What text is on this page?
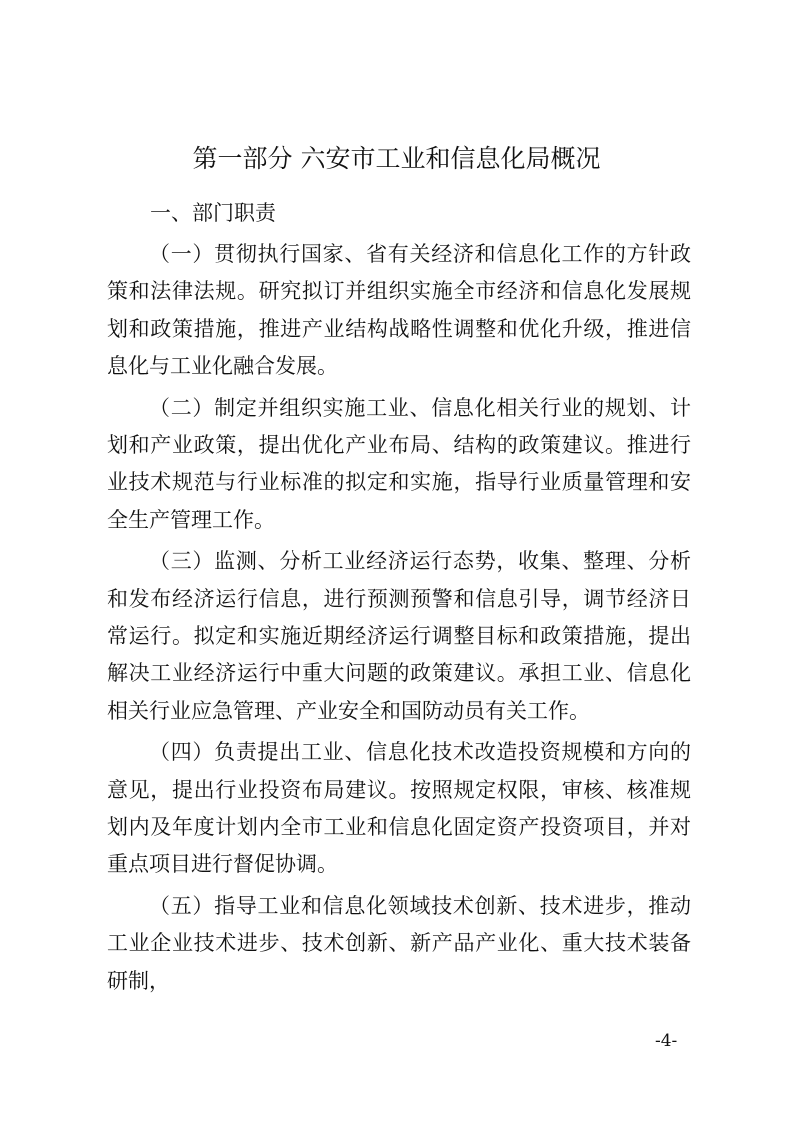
第一部分 六安市工业和信息化局概况
一、部门职责

（一）贯彻执行国家、省有关经济和信息化工作的方针政策和法律法规。研究拟订并组织实施全市经济和信息化发展规划和政策措施，推进产业结构战略性调整和优化升级，推进信息化与工业化融合发展。

（二）制定并组织实施工业、信息化相关行业的规划、计划和产业政策，提出优化产业布局、结构的政策建议。推进行业技术规范与行业标准的拟定和实施，指导行业质量管理和安全生产管理工作。

（三）监测、分析工业经济运行态势，收集、整理、分析和发布经济运行信息，进行预测预警和信息引导，调节经济日常运行。拟定和实施近期经济运行调整目标和政策措施，提出解决工业经济运行中重大问题的政策建议。承担工业、信息化相关行业应急管理、产业安全和国防动员有关工作。

（四）负责提出工业、信息化技术改造投资规模和方向的意见，提出行业投资布局建议。按照规定权限，审核、核准规划内及年度计划内全市工业和信息化固定资产投资项目，并对重点项目进行督促协调。

（五）指导工业和信息化领域技术创新、技术进步，推动工业企业技术进步、技术创新、新产品产业化、重大技术装备研制，

-4-
